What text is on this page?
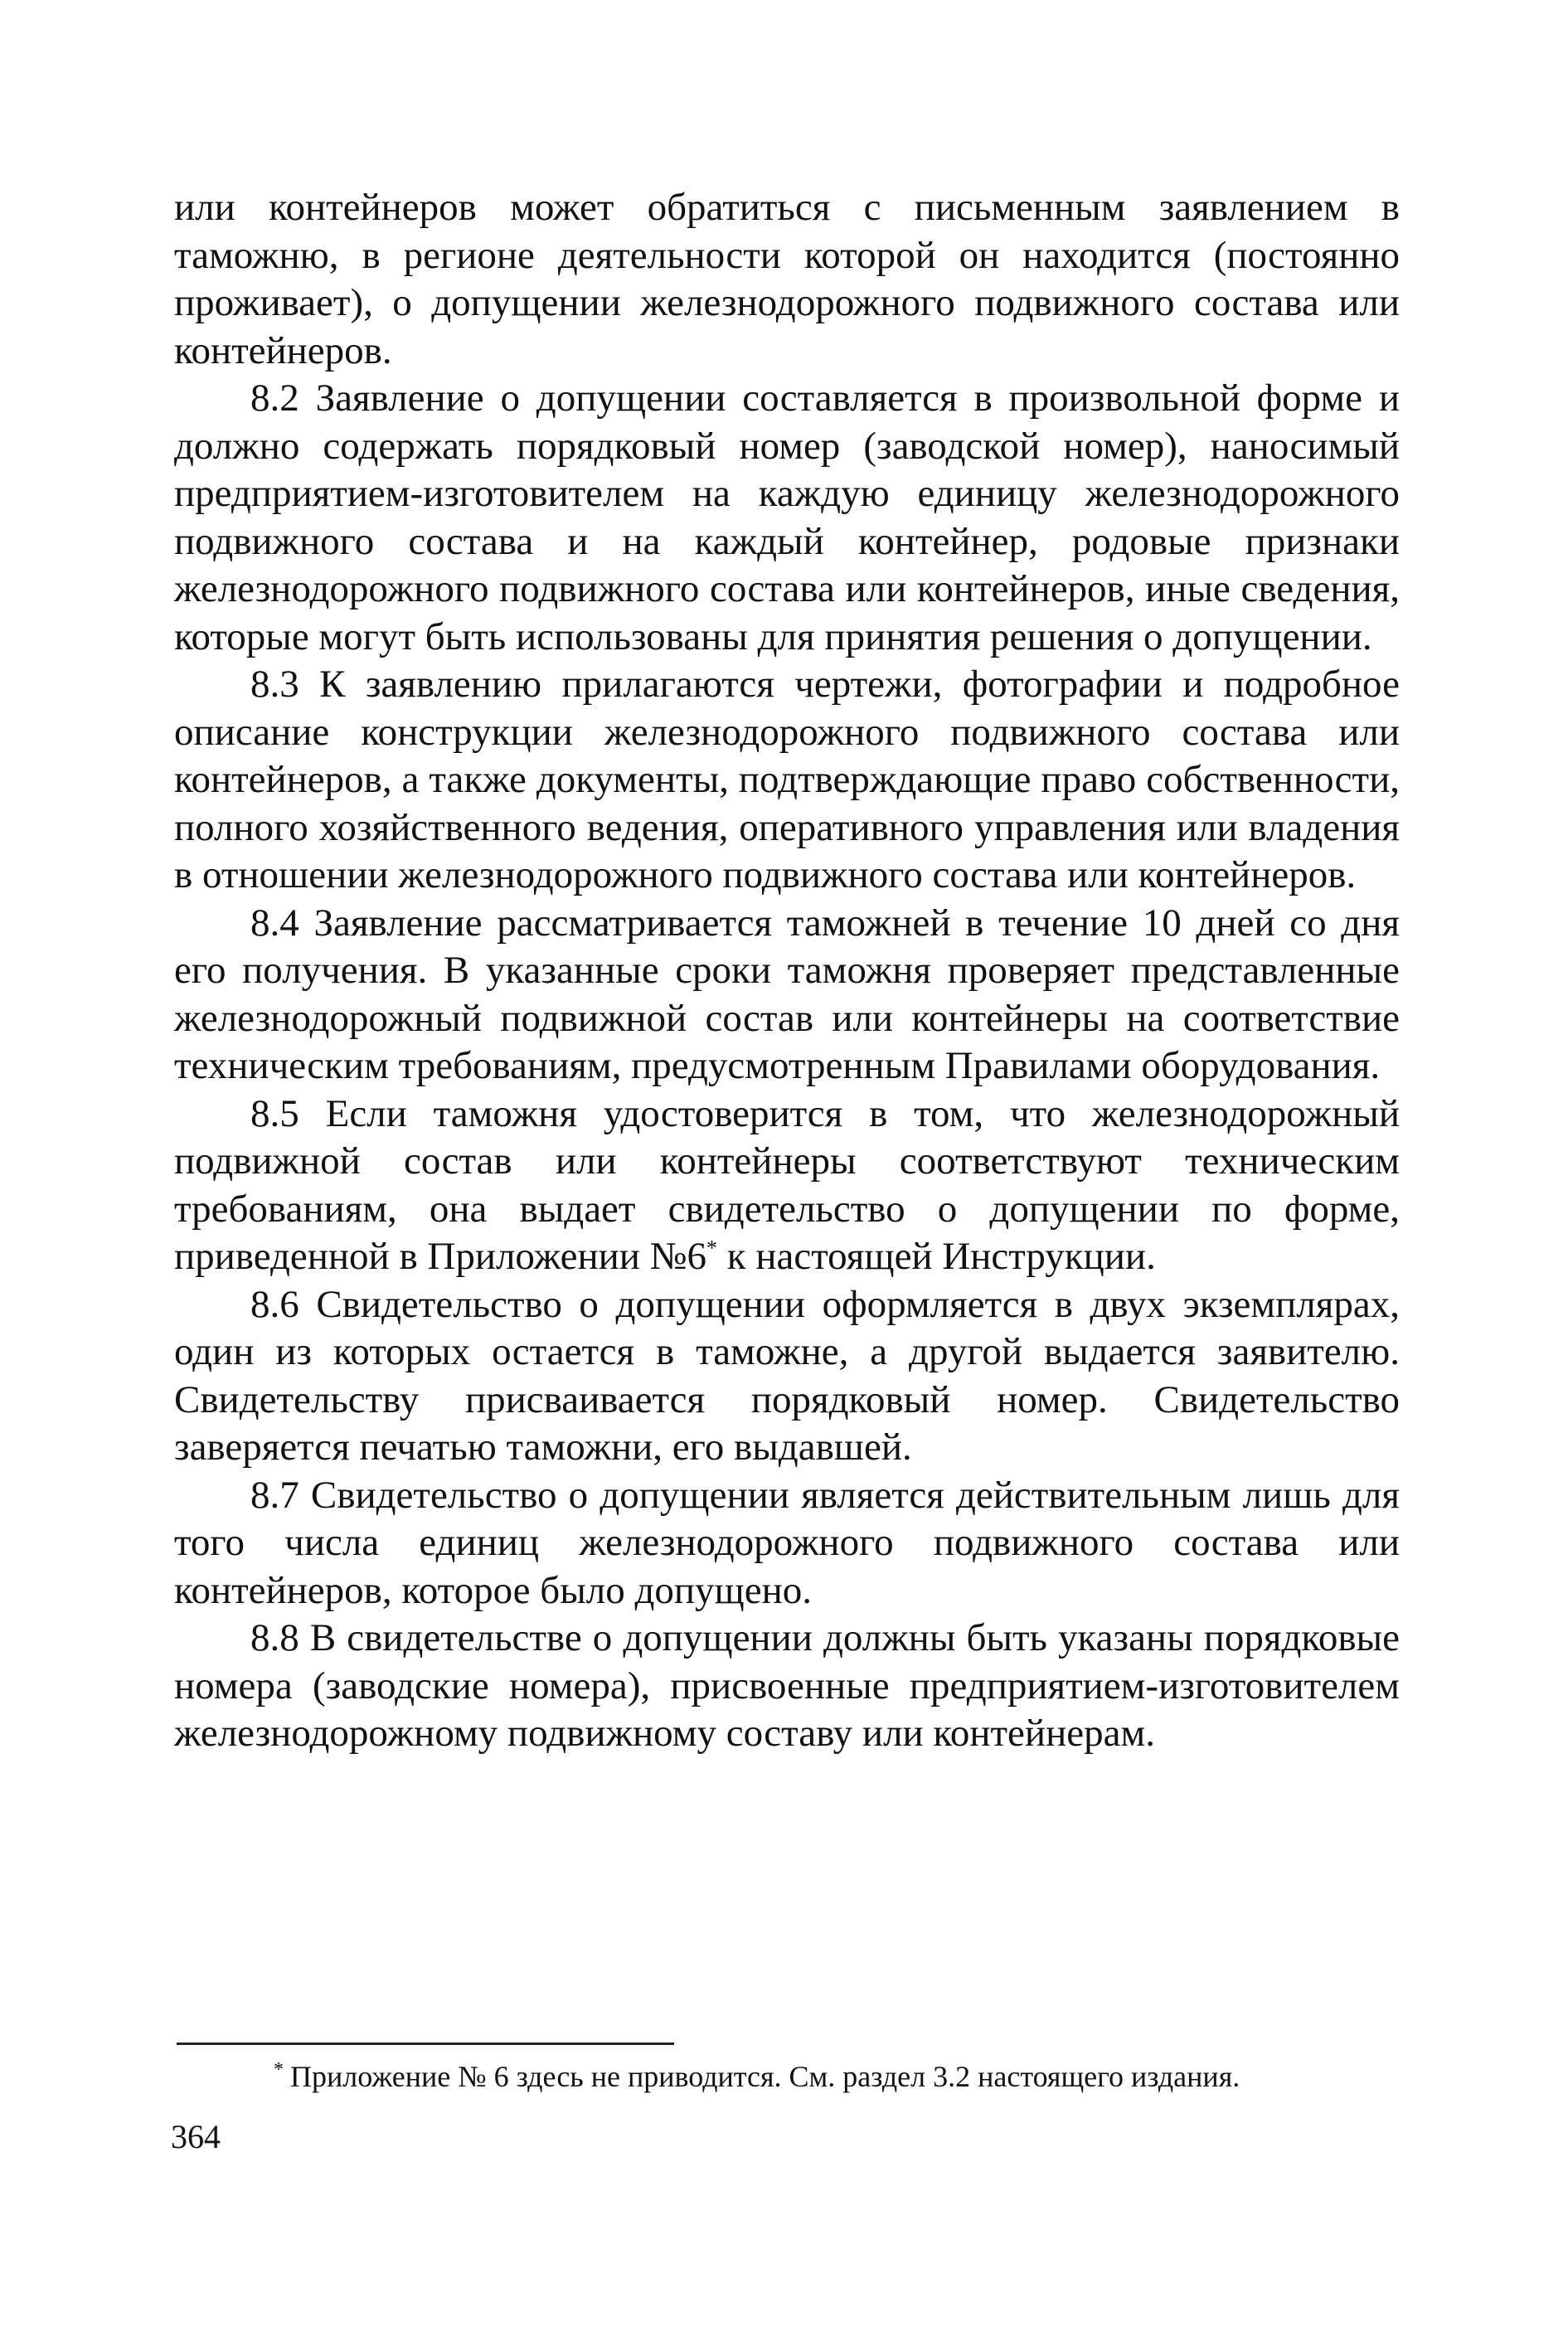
или контейнеров может обратиться с письменным заявлением в таможню, в регионе деятельности которой он находится (постоянно проживает), о допущении железнодорожного подвижного состава или контейнеров.

8.2 Заявление о допущении составляется в произвольной форме и должно содержать порядковый номер (заводской номер), наносимый предприятием-изготовителем на каждую единицу железнодорожного подвижного состава и на каждый контейнер, родовые признаки железнодорожного подвижного состава или контейнеров, иные сведения, которые могут быть использованы для принятия решения о допущении.

8.3 К заявлению прилагаются чертежи, фотографии и подробное описание конструкции железнодорожного подвижного состава или контейнеров, а также документы, подтверждающие право собственности, полного хозяйственного ведения, оперативного управления или владения в отношении железнодорожного подвижного состава или контейнеров.

8.4 Заявление рассматривается таможней в течение 10 дней со дня его получения. В указанные сроки таможня проверяет представленные железнодорожный подвижной состав или контейнеры на соответствие техническим требованиям, предусмотренным Правилами оборудования.

8.5 Если таможня удостоверится в том, что железнодорожный подвижной состав или контейнеры соответствуют техническим требованиям, она выдает свидетельство о допущении по форме, приведенной в Приложении №6* к настоящей Инструкции.

8.6 Свидетельство о допущении оформляется в двух экземплярах, один из которых остается в таможне, а другой выдается заявителю. Свидетельству присваивается порядковый номер. Свидетельство заверяется печатью таможни, его выдавшей.

8.7 Свидетельство о допущении является действительным лишь для того числа единиц железнодорожного подвижного состава или контейнеров, которое было допущено.

8.8 В свидетельстве о допущении должны быть указаны порядковые номера (заводские номера), присвоенные предприятием-изготовителем железнодорожному подвижному составу или контейнерам.

* Приложение № 6 здесь не приводится. См. раздел 3.2 настоящего издания.
364
